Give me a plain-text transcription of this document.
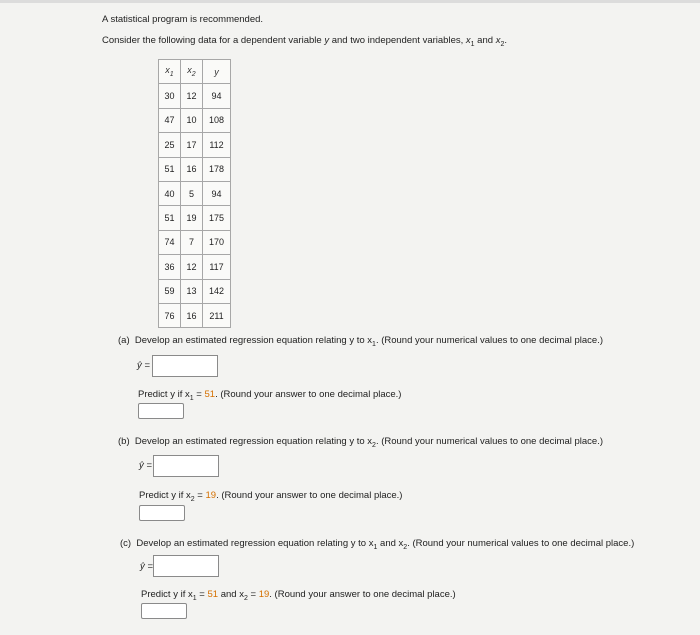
A statistical program is recommended.
Consider the following data for a dependent variable y and two independent variables, $x_1$ and $x_2$.
$x_1$	$x_2$	y
30	12	94
47	10	108
25	17	112
51	16	178
40	5	94
51	19	175
74	7	170
36	12	117
59	13	142
76	16	211
(a) Develop an estimated regression equation relating y to $x_1$. (Round your numerical values to one decimal place.)
ŷ =
Predict y if $x_1 = 51$. (Round your answer to one decimal place.)
(b) Develop an estimated regression equation relating y to $x_2$. (Round your numerical values to one decimal place.)
ŷ =
Predict y if $x_2 = 19$. (Round your answer to one decimal place.)
(c) Develop an estimated regression equation relating y to $x_1$ and $x_2$. (Round your numerical values to one decimal place.)
ŷ =
Predict y if $x_1 = 51$ and $x_2 = 19$. (Round your answer to one decimal place.)
